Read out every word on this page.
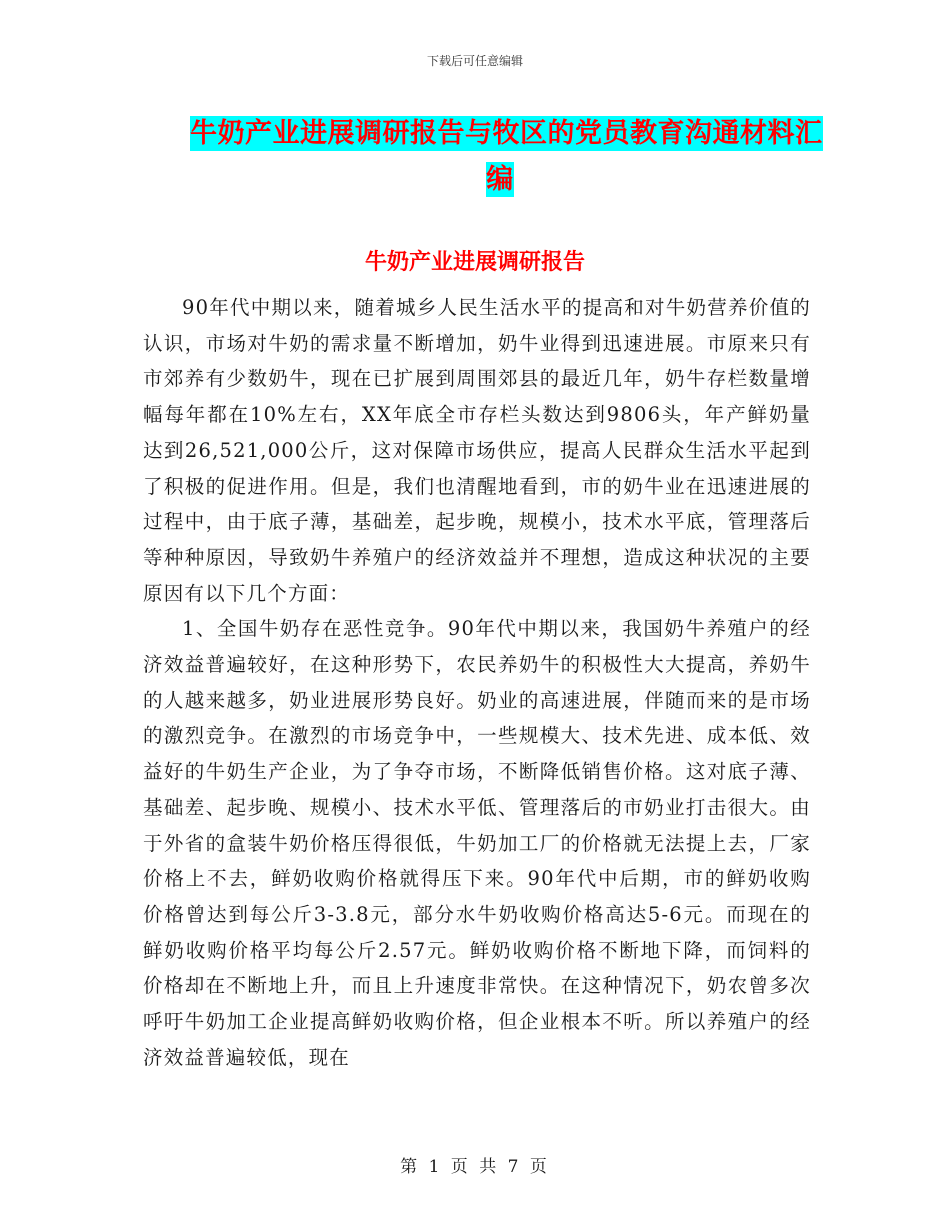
下载后可任意编辑
牛奶产业进展调研报告与牧区的党员教育沟通材料汇
编
牛奶产业进展调研报告

90年代中期以来，随着城乡人民生活水平的提高和对牛奶营养价值的认识，市场对牛奶的需求量不断增加，奶牛业得到迅速进展。市原来只有市郊养有少数奶牛，现在已扩展到周围郊县的最近几年，奶牛存栏数量增幅每年都在10%左右，XX年底全市存栏头数达到9806头，年产鲜奶量达到26,521,000公斤，这对保障市场供应，提高人民群众生活水平起到了积极的促进作用。但是，我们也清醒地看到，市的奶牛业在迅速进展的过程中，由于底子薄，基础差，起步晚，规模小，技术水平底，管理落后等种种原因，导致奶牛养殖户的经济效益并不理想，造成这种状况的主要原因有以下几个方面：

1、全国牛奶存在恶性竞争。90年代中期以来，我国奶牛养殖户的经济效益普遍较好，在这种形势下，农民养奶牛的积极性大大提高，养奶牛的人越来越多，奶业进展形势良好。奶业的高速进展，伴随而来的是市场的激烈竞争。在激烈的市场竞争中，一些规模大、技术先进、成本低、效益好的牛奶生产企业，为了争夺市场，不断降低销售价格。这对底子薄、基础差、起步晚、规模小、技术水平低、管理落后的市奶业打击很大。由于外省的盒装牛奶价格压得很低，牛奶加工厂的价格就无法提上去，厂家价格上不去，鲜奶收购价格就得压下来。90年代中后期，市的鲜奶收购价格曾达到每公斤3-3.8元，部分水牛奶收购价格高达5-6元。而现在的鲜奶收购价格平均每公斤2.57元。鲜奶收购价格不断地下降，而饲料的价格却在不断地上升，而且上升速度非常快。在这种情况下，奶农曾多次呼吁牛奶加工企业提高鲜奶收购价格，但企业根本不听。所以养殖户的经济效益普遍较低，现在

第 1 页 共 7 页
